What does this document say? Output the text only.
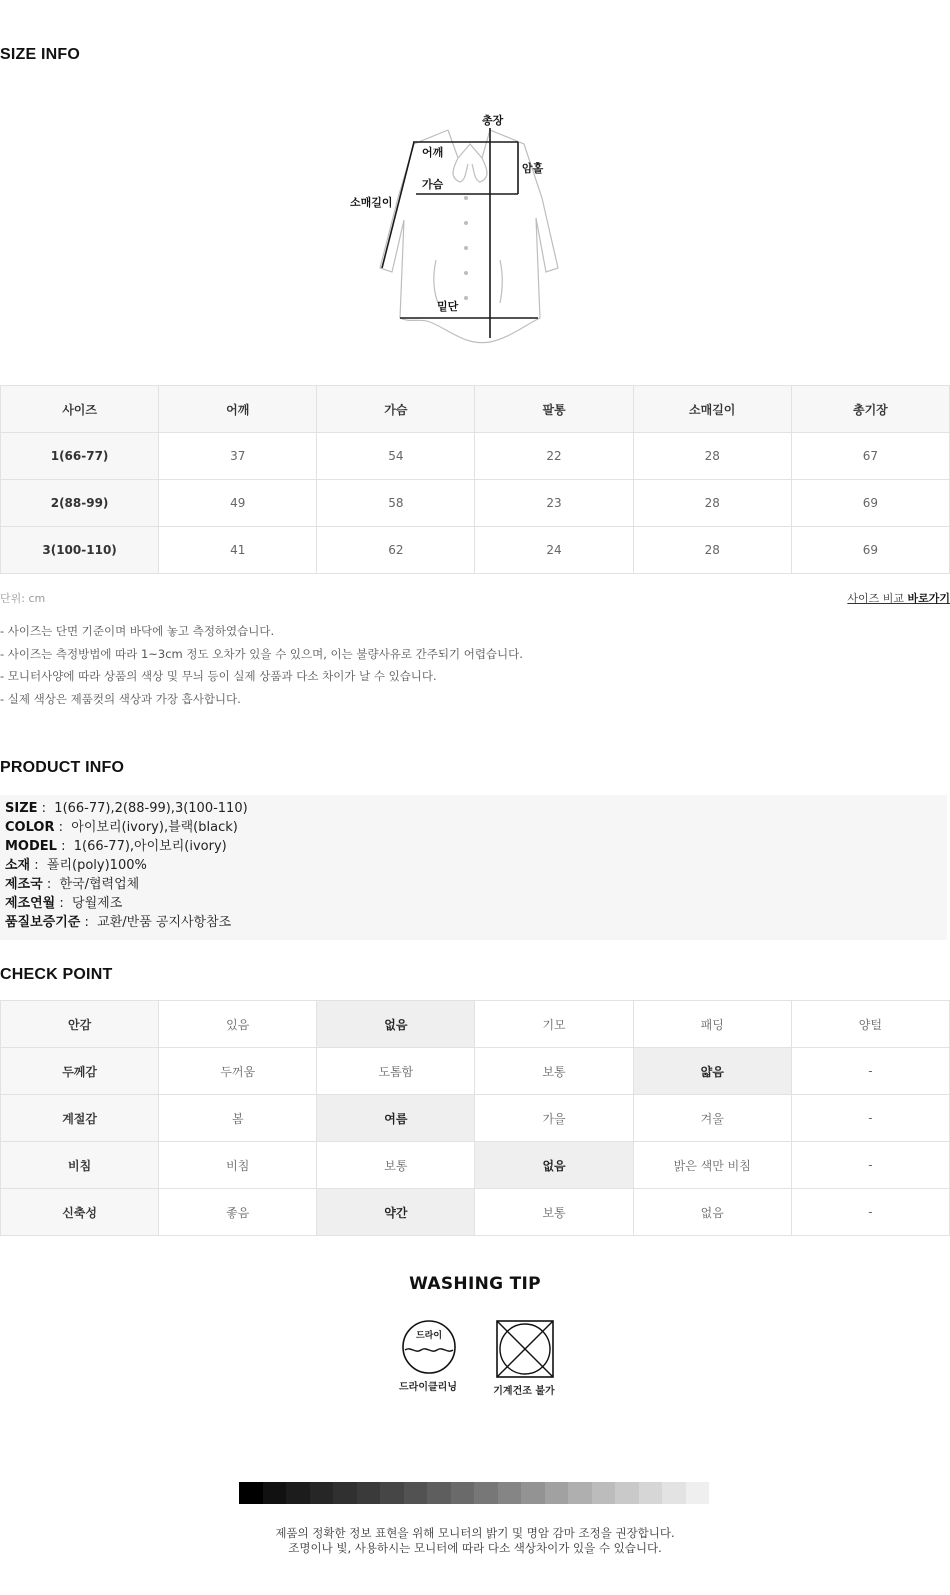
SIZE INFO
총장
어깨
가슴
암홀
소매길이
밑단
사이즈	어깨	가슴	팔통	소매길이	총기장
1(66-77)	37	54	22	28	67
2(88-99)	49	58	23	28	69
3(100-110)	41	62	24	28	69
단위: cm	사이즈 비교 바로가기
- 사이즈는 단면 기준이며 바닥에 놓고 측정하였습니다.
- 사이즈는 측정방법에 따라 1~3cm 정도 오차가 있을 수 있으며, 이는 불량사유로 간주되기 어렵습니다.
- 모니터사양에 따라 상품의 색상 및 무늬 등이 실제 상품과 다소 차이가 날 수 있습니다.
- 실제 색상은 제품컷의 색상과 가장 흡사합니다.
PRODUCT INFO
SIZE :  1(66-77),2(88-99),3(100-110)
COLOR :  아이보리(ivory),블랙(black)
MODEL :  1(66-77),아이보리(ivory)
소재 :  폴리(poly)100%
제조국 :  한국/협력업체
제조연월 :  당월제조
품질보증기준 :  교환/반품 공지사항참조
CHECK POINT
안감	있음	없음	기모	패딩	양털
두께감	두꺼움	도톰함	보통	얇음	-
계절감	봄	여름	가을	겨울	-
비침	비침	보통	없음	밝은 색만 비침	-
신축성	좋음	약간	보통	없음	-
WASHING TIP
드라이
드라이클리닝	기계건조 불가
제품의 정확한 정보 표현을 위해 모니터의 밝기 및 명암 감마 조정을 권장합니다.
조명이나 빛, 사용하시는 모니터에 따라 다소 색상차이가 있을 수 있습니다.
